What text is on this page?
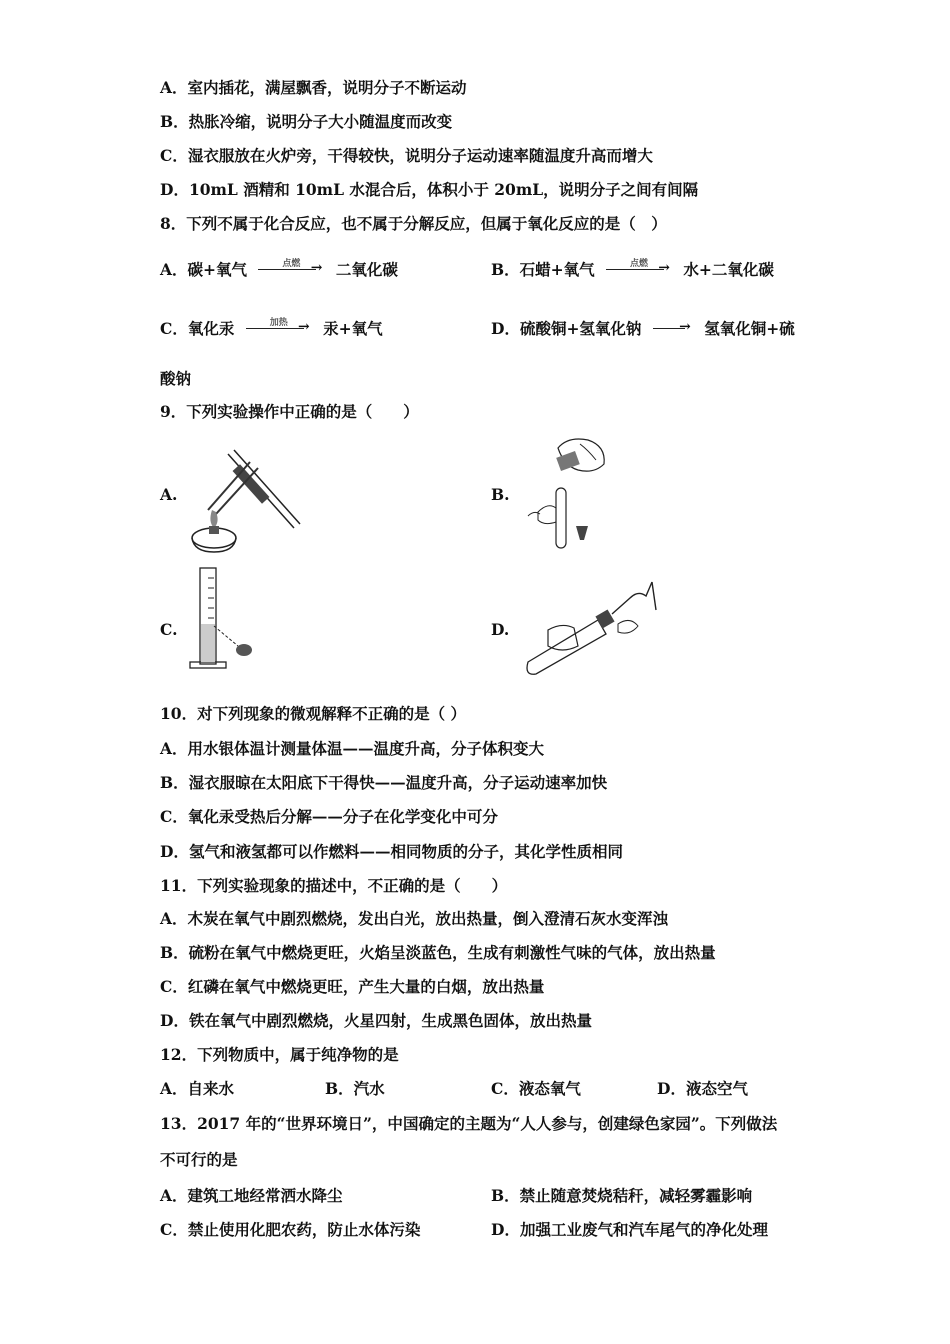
A．室内插花，满屋飘香，说明分子不断运动
B．热胀冷缩，说明分子大小随温度而改变
C．湿衣服放在火炉旁，干得较快，说明分子运动速率随温度升高而增大
D．10mL 酒精和 10mL 水混合后，体积小于 20mL，说明分子之间有间隔
8．下列不属于化合反应，也不属于分解反应，但属于氧化反应的是（　）
A．碳+氧气	点燃 → 二氧化碳	B．石蜡+氧气	点燃 → 水+二氧化碳
C．氧化汞	加热 → 汞+氧气	D．硫酸铜+氢氧化钠	→ 氢氧化铜+硫
酸钠
9．下列实验操作中正确的是（　　）
A.	B.
C.	D.
10．对下列现象的微观解释不正确的是（ ）
A．用水银体温计测量体温——温度升高，分子体积变大
B．湿衣服晾在太阳底下干得快——温度升高，分子运动速率加快
C．氧化汞受热后分解——分子在化学变化中可分
D．氢气和液氢都可以作燃料——相同物质的分子，其化学性质相同
11．下列实验现象的描述中，不正确的是（　　）
A．木炭在氧气中剧烈燃烧，发出白光，放出热量，倒入澄清石灰水变浑浊
B．硫粉在氧气中燃烧更旺，火焰呈淡蓝色，生成有刺激性气味的气体，放出热量
C．红磷在氧气中燃烧更旺，产生大量的白烟，放出热量
D．铁在氧气中剧烈燃烧，火星四射，生成黑色固体，放出热量
12．下列物质中，属于纯净物的是
A．自来水	B．汽水	C．液态氧气	D．液态空气
13．2017 年的“世界环境日”，中国确定的主题为“人人参与，创建绿色家园”。下列做法
不可行的是
A．建筑工地经常洒水降尘	B．禁止随意焚烧秸秆，减轻雾霾影响
C．禁止使用化肥农药，防止水体污染	D．加强工业废气和汽车尾气的净化处理
